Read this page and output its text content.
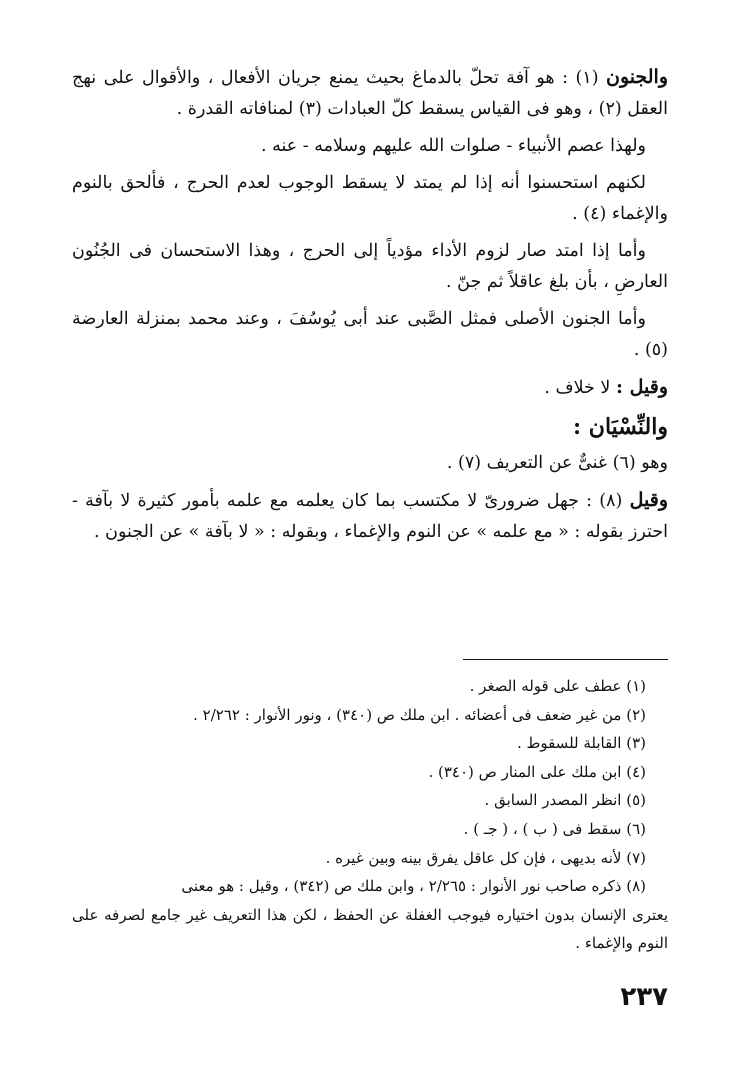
والجنون (١) : هو آفة تحلّ بالدماغ بحيث يمنع جريان الأفعال ، والأقوال على نهج العقل (٢) ، وهو فى القياس يسقط كلّ العبادات (٣) لمنافاته القدرة .

ولهذا عصم الأنبياء - صلوات الله عليهم وسلامه - عنه .

لكنهم استحسنوا أنه إذا لم يمتد لا يسقط الوجوب لعدم الحرج ، فألحق بالنوم والإغماء (٤) .

وأما إذا امتد صار لزوم الأداء مؤدياً إلى الحرج ، وهذا الاستحسان فى الجُنُون العارضِ ، بأن بلغ عاقلاً ثم جنّ .

وأما الجنون الأصلى فمثل الصَّبى عند أبى يُوسُفَ ، وعند محمد بمنزلة العارضة (٥) .

وقيل : لا خلاف .

والنِّسْيَان :

وهو (٦) غنىٌّ عن التعريف (٧) .

وقيل (٨) : جهل ضرورىّ لا مكتسب بما كان يعلمه مع علمه بأمور كثيرة لا بآفة - احترز بقوله : « مع علمه » عن النوم والإغماء ، وبقوله : « لا بآفة » عن الجنون .

(١) عطف على قوله الصغر .

(٢) من غير ضعف فى أعضائه . ابن ملك ص (٣٤٠) ، ونور الأنوار : ٢/٢٦٢ .

(٣) القابلة للسقوط .

(٤) ابن ملك على المنار ص (٣٤٠) .

(٥) انظر المصدر السابق .

(٦) سقط فى ( ب ) ، ( جـ ) .

(٧) لأنه بديهى ، فإن كل عاقل يفرق بينه وبين غيره .

(٨) ذكره صاحب نور الأنوار : ٢/٢٦٥ ، وابن ملك ص (٣٤٢) ، وقيل : هو معنى

يعترى الإنسان بدون اختياره فيوجب الغفلة عن الحفظ ، لكن هذا التعريف غير جامع لصرفه على النوم والإغماء .

٢٣٧
